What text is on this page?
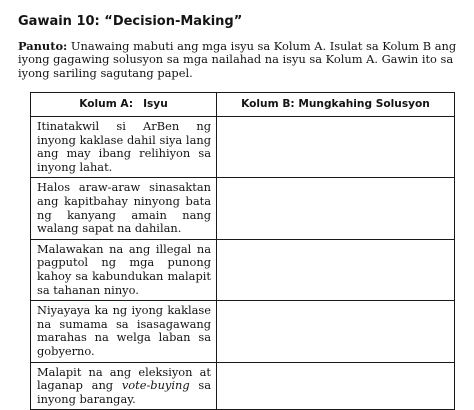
Gawain 10: “Decision-Making”
Panuto: Unawaing mabuti ang mga isyu sa Kolum A. Isulat sa Kolum B ang iyong gagawing solusyon sa mga nailahad na isyu sa Kolum A. Gawin ito sa iyong sariling sagutang papel.
Kolum A: Isyu	Kolum B: Mungkahing Solusyon
Itinatakwil si ArBen ng inyong kaklase dahil siya lang ang may ibang relihiyon sa inyong lahat.	
Halos araw-araw sinasaktan ang kapitbahay ninyong bata ng kanyang amain nang walang sapat na dahilan.	
Malawakan na ang illegal na pagputol ng mga punong kahoy sa kabundukan malapit sa tahanan ninyo.	
Niyayaya ka ng iyong kaklase na sumama sa isasagawang marahas na welga laban sa gobyerno.	
Malapit na ang eleksiyon at laganap ang vote-buying sa inyong barangay.	
